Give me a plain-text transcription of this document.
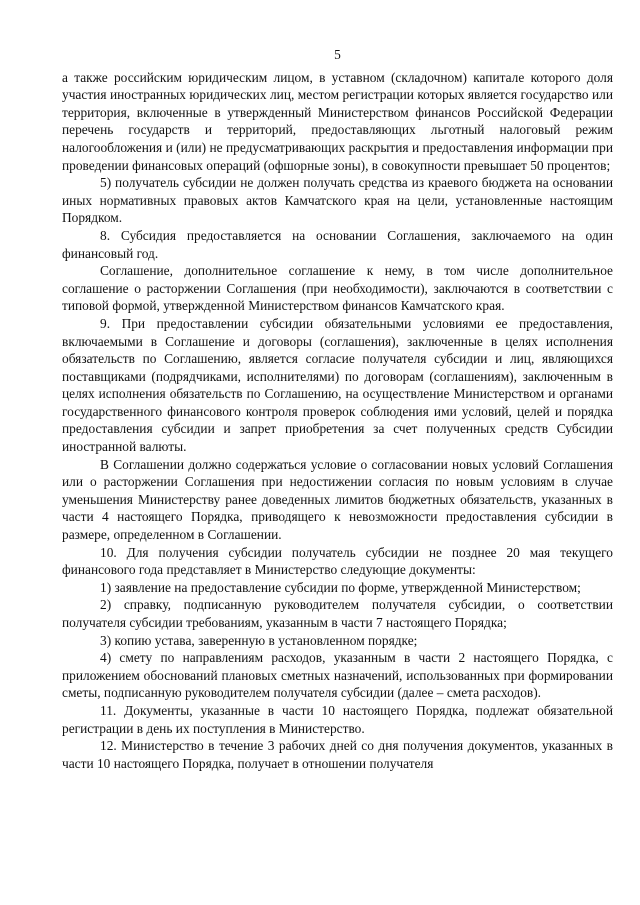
5

а также российским юридическим лицом, в уставном (складочном) капитале которого доля участия иностранных юридических лиц, местом регистрации которых является государство или территория, включенные в утвержденный Министерством финансов Российской Федерации перечень государств и территорий, предоставляющих льготный налоговый режим налогообложения и (или) не предусматривающих раскрытия и предоставления информации при проведении финансовых операций (офшорные зоны), в совокупности превышает 50 процентов;

5) получатель субсидии не должен получать средства из краевого бюджета на основании иных нормативных правовых актов Камчатского края на цели, установленные настоящим Порядком.

8. Субсидия предоставляется на основании Соглашения, заключаемого на один финансовый год.

Соглашение, дополнительное соглашение к нему, в том числе дополнительное соглашение о расторжении Соглашения (при необходимости), заключаются в соответствии с типовой формой, утвержденной Министерством финансов Камчатского края.

9. При предоставлении субсидии обязательными условиями ее предоставления, включаемыми в Соглашение и договоры (соглашения), заключенные в целях исполнения обязательств по Соглашению, является согласие получателя субсидии и лиц, являющихся поставщиками (подрядчиками, исполнителями) по договорам (соглашениям), заключенным в целях исполнения обязательств по Соглашению, на осуществление Министерством и органами государственного финансового контроля проверок соблюдения ими условий, целей и порядка предоставления субсидии и запрет приобретения за счет полученных средств Субсидии иностранной валюты.

В Соглашении должно содержаться условие о согласовании новых условий Соглашения или о расторжении Соглашения при недостижении согласия по новым условиям в случае уменьшения Министерству ранее доведенных лимитов бюджетных обязательств, указанных в части 4 настоящего Порядка, приводящего к невозможности предоставления субсидии в размере, определенном в Соглашении.

10. Для получения субсидии получатель субсидии не позднее 20 мая текущего финансового года представляет в Министерство следующие документы:

1) заявление на предоставление субсидии по форме, утвержденной Министерством;

2) справку, подписанную руководителем получателя субсидии, о соответствии получателя субсидии требованиям, указанным в части 7 настоящего Порядка;

3) копию устава, заверенную в установленном порядке;

4) смету по направлениям расходов, указанным в части 2 настоящего Порядка, с приложением обоснований плановых сметных назначений, использованных при формировании сметы, подписанную руководителем получателя субсидии (далее – смета расходов).

11. Документы, указанные в части 10 настоящего Порядка, подлежат обязательной регистрации в день их поступления в Министерство.

12. Министерство в течение 3 рабочих дней со дня получения документов, указанных в части 10 настоящего Порядка, получает в отношении получателя
